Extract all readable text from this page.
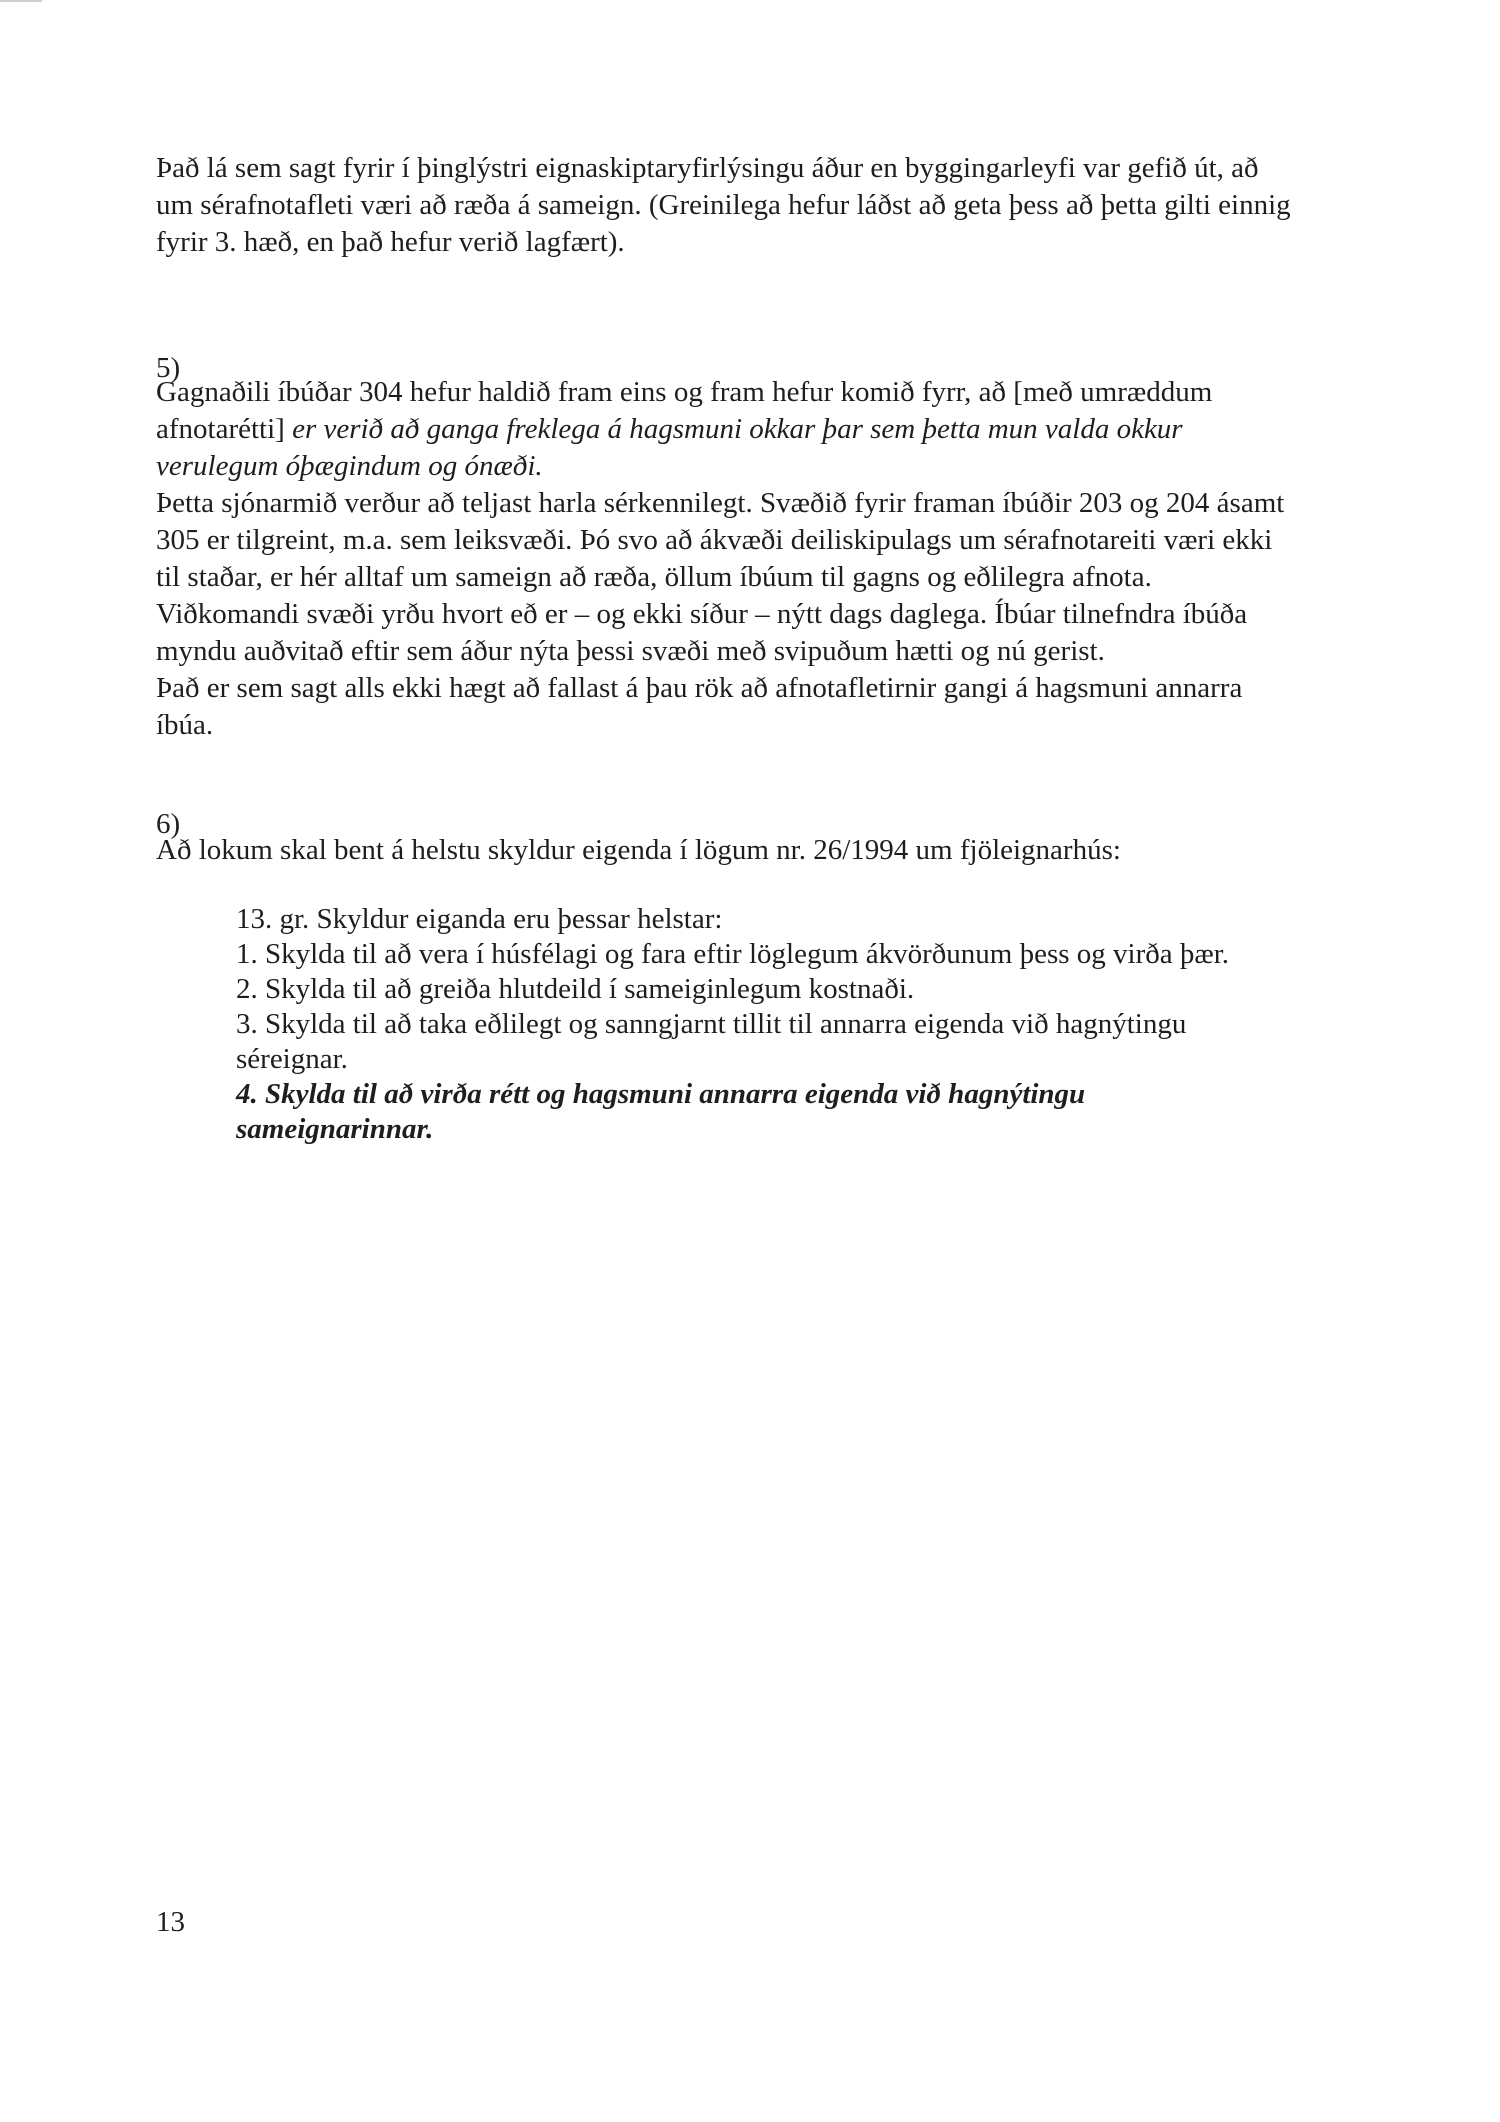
Það lá sem sagt fyrir í þinglýstri eignaskiptaryfirlýsingu áður en byggingarleyfi var gefið út, að um sérafnotafleti væri að ræða á sameign. (Greinilega hefur láðst að geta þess að þetta gilti einnig fyrir 3. hæð, en það hefur verið lagfært).

5)

Gagnaðili íbúðar 304 hefur haldið fram eins og fram hefur komið fyrr, að [með umræddum afnotarétti] er verið að ganga freklega á hagsmuni okkar þar sem þetta mun valda okkur verulegum óþægindum og ónæði.

Þetta sjónarmið verður að teljast harla sérkennilegt. Svæðið fyrir framan íbúðir 203 og 204 ásamt 305 er tilgreint, m.a. sem leiksvæði. Þó svo að ákvæði deiliskipulags um sérafnotareiti væri ekki til staðar, er hér alltaf um sameign að ræða, öllum íbúum til gagns og eðlilegra afnota. Viðkomandi svæði yrðu hvort eð er – og ekki síður – nýtt dags daglega. Íbúar tilnefndra íbúða myndu auðvitað eftir sem áður nýta þessi svæði með svipuðum hætti og nú gerist.

Það er sem sagt alls ekki hægt að fallast á þau rök að afnotafletirnir gangi á hagsmuni annarra íbúa.

6)

Að lokum skal bent á helstu skyldur eigenda í lögum nr. 26/1994 um fjöleignarhús:

13. gr. Skyldur eiganda eru þessar helstar:

1. Skylda til að vera í húsfélagi og fara eftir löglegum ákvörðunum þess og virða þær.

2. Skylda til að greiða hlutdeild í sameiginlegum kostnaði.

3. Skylda til að taka eðlilegt og sanngjarnt tillit til annarra eigenda við hagnýtingu séreignar.

4. Skylda til að virða rétt og hagsmuni annarra eigenda við hagnýtingu sameignarinnar.

13
